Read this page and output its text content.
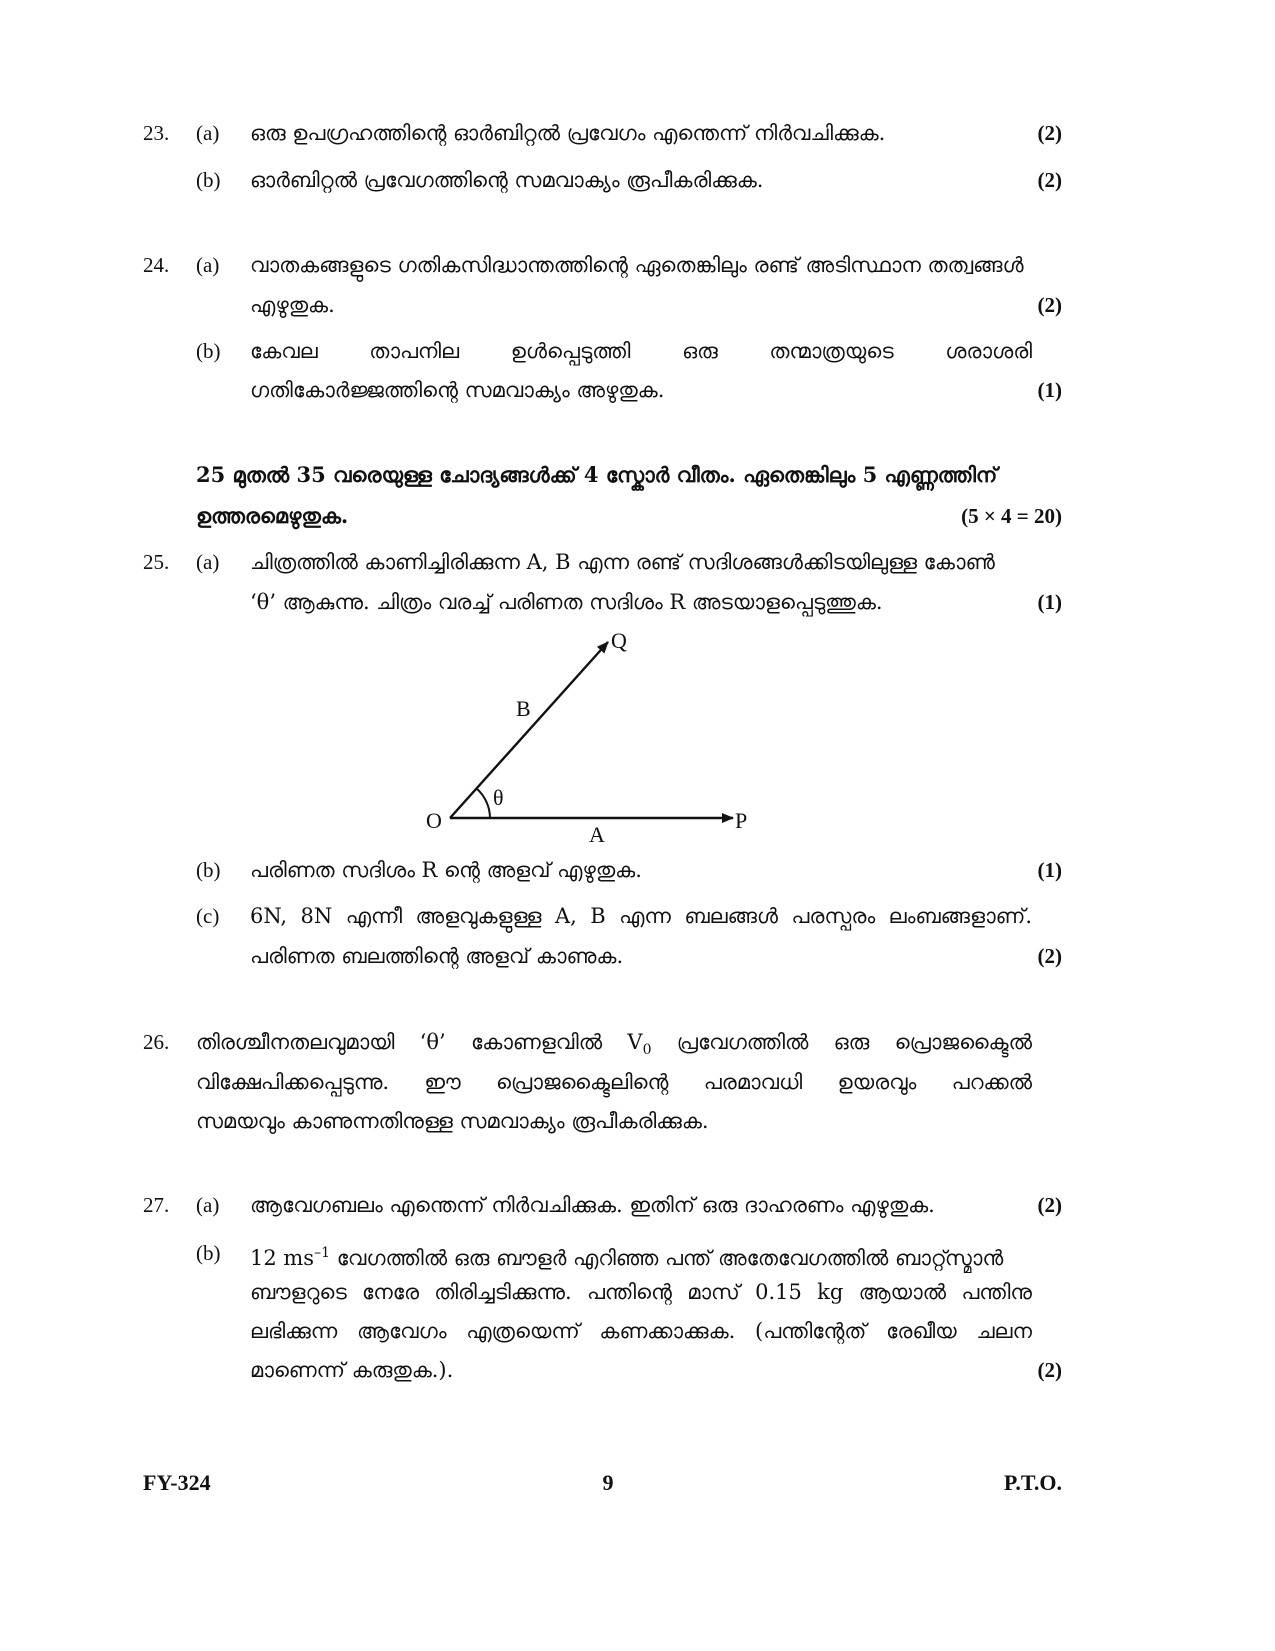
23. (a) ഒരു ഉപഗ്രഹത്തിന്റെ ഓർബിറ്റൽ പ്രവേഗം എന്തെന്ന് നിർവചിക്കുക.	(2)
(b) ഓർബിറ്റൽ പ്രവേഗത്തിന്റെ സമവാക്യം രൂപീകരിക്കുക.	(2)
24. (a) വാതകങ്ങളുടെ ഗതികസിദ്ധാന്തത്തിന്റെ ഏതെങ്കിലും രണ്ട് അടിസ്ഥാന തത്വങ്ങൾ
എഴുതുക.	(2)
(b) കേവല താപനില ഉൾപ്പെടുത്തി ഒരു തന്മാത്രയുടെ ശരാശരി
ഗതികോർജ്ജത്തിന്റെ സമവാക്യം അഴുതുക.	(1)
25 മുതൽ 35 വരെയുള്ള ചോദ്യങ്ങൾക്ക് 4 സ്കോർ വീതം. ഏതെങ്കിലും 5 എണ്ണത്തിന്
ഉത്തരമെഴുതുക.	(5 × 4 = 20)
25. (a) ചിത്രത്തിൽ കാണിച്ചിരിക്കുന്ന A, B എന്ന രണ്ട് സദിശങ്ങൾക്കിടയിലുള്ള കോൺ
‘θ’ ആകുന്നു. ചിത്രം വരച്ച് പരിണത സദിശം R അടയാളപ്പെടുത്തുക.	(1)
Q
B
θ
O
A
P
(b) പരിണത സദിശം R ന്റെ അളവ് എഴുതുക.	(1)
(c) 6N, 8N എന്നീ അളവുകളുള്ള A, B എന്ന ബലങ്ങൾ പരസ്പരം ലംബങ്ങളാണ്.
പരിണത ബലത്തിന്റെ അളവ് കാണുക.	(2)
26. തിരശ്ചീനതലവുമായി ‘θ’ കോണളവിൽ $V_0$ പ്രവേഗത്തിൽ ഒരു പ്രൊജക്ടൈൽ
വിക്ഷേപിക്കപ്പെടുന്നു. ഈ പ്രൊജക്ടൈലിന്റെ പരമാവധി ഉയരവും പറക്കൽ
സമയവും കാണുന്നതിനുള്ള സമവാക്യം രൂപീകരിക്കുക.
27. (a) ആവേഗബലം എന്തെന്ന് നിർവചിക്കുക. ഇതിന് ഒരു ദാഹരണം എഴുതുക.	(2)
(b) 12 $ms^{-1}$ വേഗത്തിൽ ഒരു ബൗളർ എറിഞ്ഞ പന്ത് അതേവേഗത്തിൽ ബാറ്റ്സ്മാൻ
ബൗളറുടെ നേരേ തിരിച്ചടിക്കുന്നു. പന്തിന്റെ മാസ് 0.15 kg ആയാൽ പന്തിനു
ലഭിക്കുന്ന ആവേഗം എത്രയെന്ന് കണക്കാക്കുക. (പന്തിന്റേത് രേഖീയ ചലന
മാണെന്ന് കരുതുക.).	(2)
FY-324	9	P.T.O.
